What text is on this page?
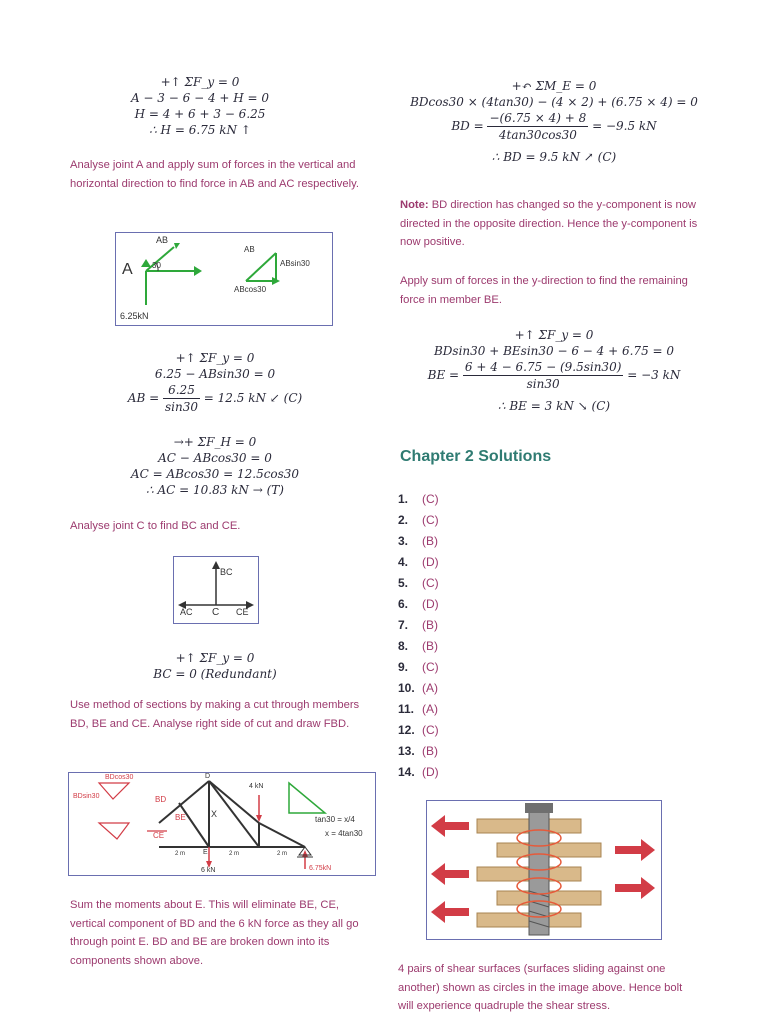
+↑ ΣF_y = 0
A − 3 − 6 − 4 + H = 0
H = 4 + 6 + 3 − 6.25
∴ H = 6.75 kN ↑
Analyse joint A and apply sum of forces in the vertical and horizontal direction to find force in AB and AC respectively.
A
AB
30
AB
ABsin30
ABcos30
6.25kN
+↑ ΣF_y = 0
6.25 − ABsin30 = 0
AB = $\frac{6.25}{\sin 30} = 12.5$ kN ↙ (C)
→+ ΣF_H = 0
AC − ABcos30 = 0
AC = ABcos30 = 12.5cos30
∴ AC = 10.83 kN → (T)
Analyse joint C to find BC and CE.
BC
AC C CE
+↑ ΣF_y = 0
BC = 0 (Redundant)
Use method of sections by making a cut through members BD, BE and CE. Analyse right side of cut and draw FBD.
BDcos30
BDsin30	BD
BE
CE
X
D
E
4 kN
6 kN	6.75kN
tan30 = x/4
x = 4tan30
2 m	2 m	2 m
Sum the moments about E. This will eliminate BE, CE, vertical component of BD and the 6 kN force as they all go through point E. BD and BE are broken down into its components shown above.
+↶ ΣM_E = 0
BDcos30 × (4tan30) − (4 × 2) + (6.75 × 4) = 0
BD = $\frac{-(6.75 \times 4) + 8}{4\tan 30\cos 30} = -9.5$ kN
∴ BD = 9.5 kN ↗ (C)
Note: BD direction has changed so the y-component is now directed in the opposite direction. Hence the y-component is now positive.
Apply sum of forces in the y-direction to find the remaining force in member BE.
+↑ ΣF_y = 0
BDsin30 + BEsin30 − 6 − 4 + 6.75 = 0
BE = $\frac{6 + 4 - 6.75 - (9.5\sin 30)}{\sin 30} = -3$ kN
∴ BE = 3 kN ↘ (C)
Chapter 2 Solutions
1.	(C)
2.	(C)
3.	(B)
4.	(D)
5.	(C)
6.	(D)
7.	(B)
8.	(B)
9.	(C)
10. (A)
11. (A)
12. (C)
13. (B)
14. (D)
4 pairs of shear surfaces (surfaces sliding against one another) shown as circles in the image above. Hence bolt will experience quadruple the shear stress.
